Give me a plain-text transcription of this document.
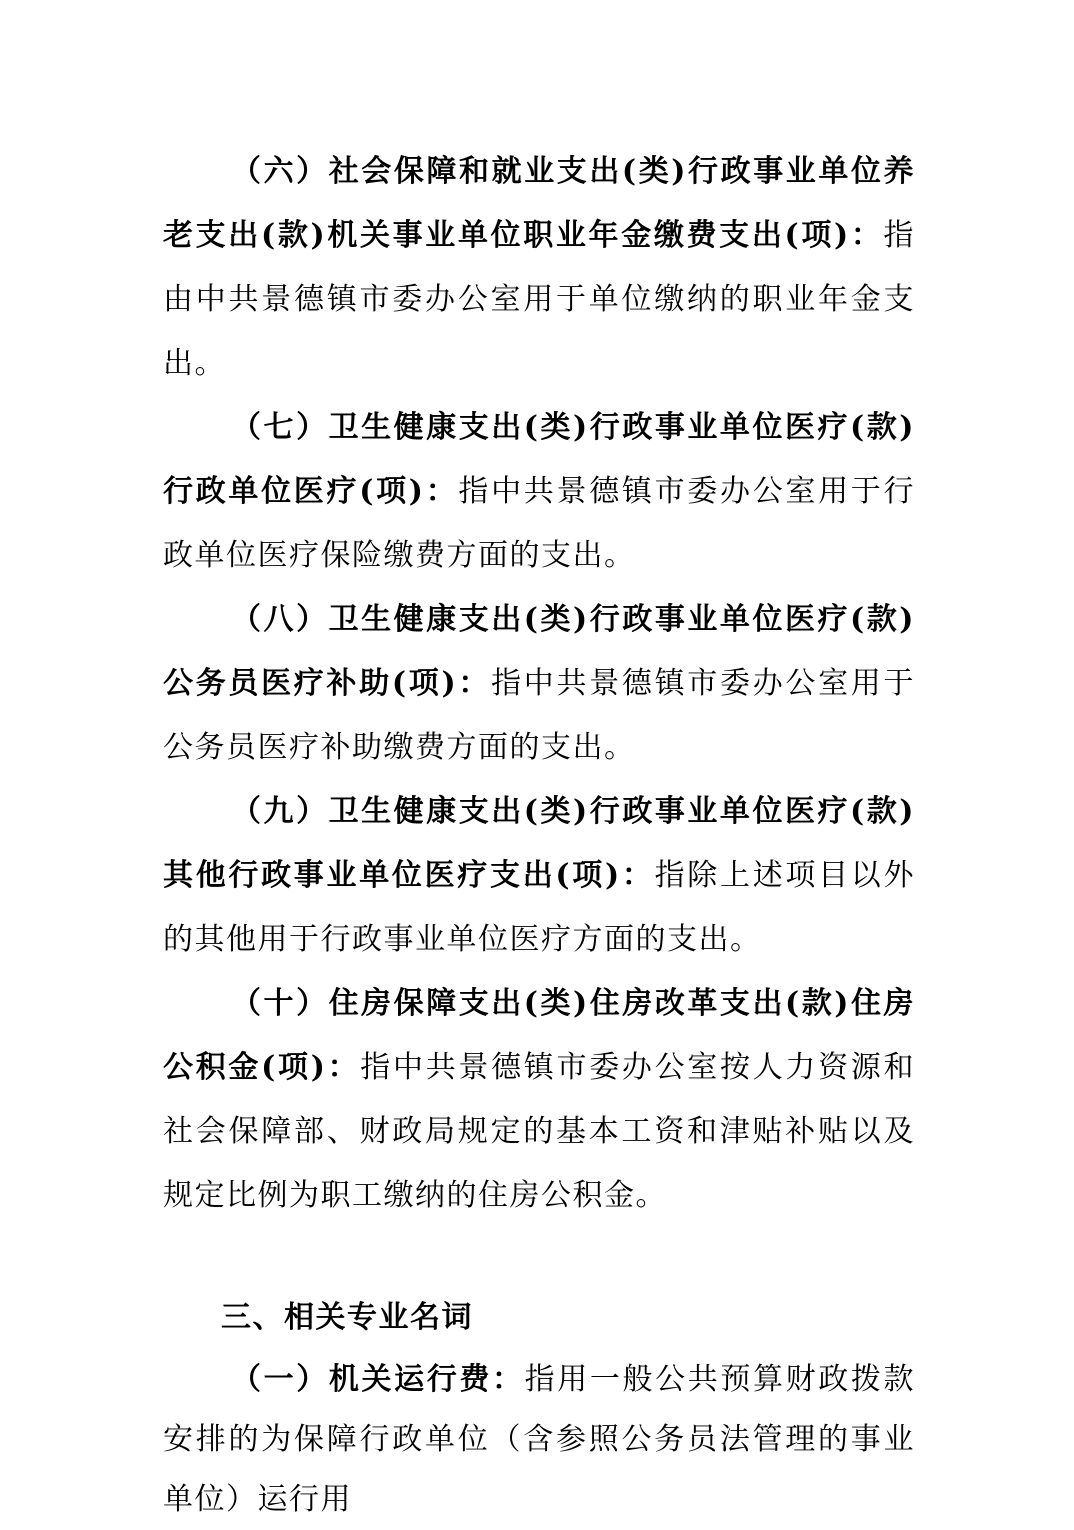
（六）社会保障和就业支出(类)行政事业单位养老支出(款)机关事业单位职业年金缴费支出(项)：指由中共景德镇市委办公室用于单位缴纳的职业年金支出。

（七）卫生健康支出(类)行政事业单位医疗(款)行政单位医疗(项)：指中共景德镇市委办公室用于行政单位医疗保险缴费方面的支出。

（八）卫生健康支出(类)行政事业单位医疗(款)公务员医疗补助(项)：指中共景德镇市委办公室用于公务员医疗补助缴费方面的支出。

（九）卫生健康支出(类)行政事业单位医疗(款)其他行政事业单位医疗支出(项)：指除上述项目以外的其他用于行政事业单位医疗方面的支出。

（十）住房保障支出(类)住房改革支出(款)住房公积金(项)：指中共景德镇市委办公室按人力资源和社会保障部、财政局规定的基本工资和津贴补贴以及规定比例为职工缴纳的住房公积金。

三、相关专业名词

（一）机关运行费：指用一般公共预算财政拨款安排的为保障行政单位（含参照公务员法管理的事业单位）运行用
